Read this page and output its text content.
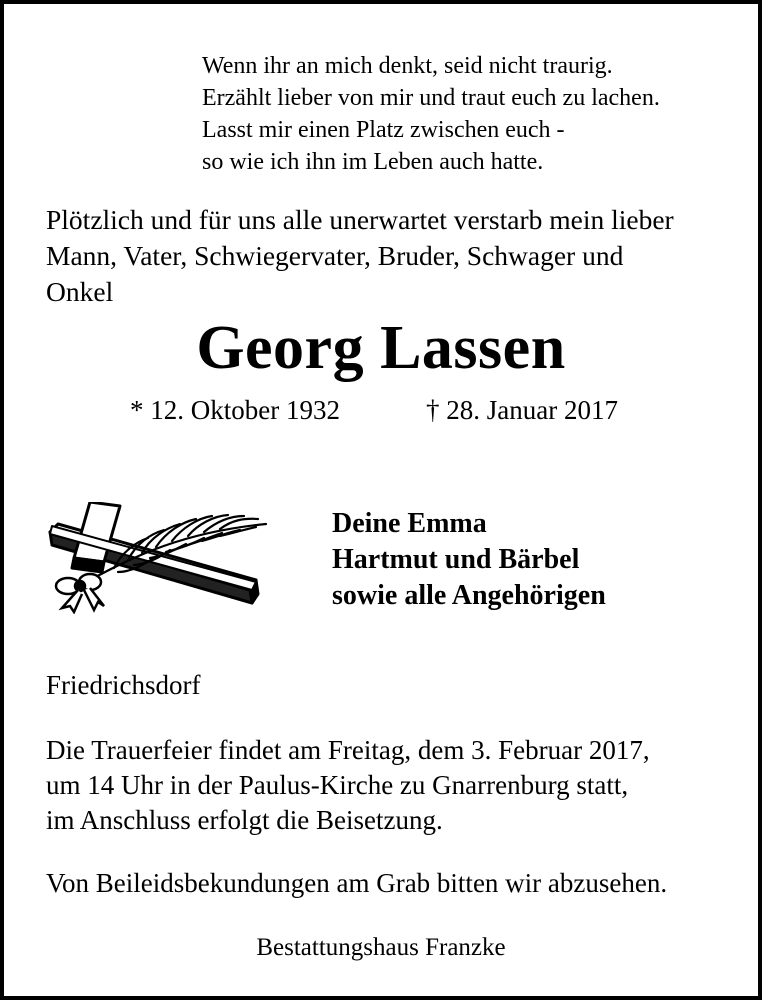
Wenn ihr an mich denkt, seid nicht traurig.
Erzählt lieber von mir und traut euch zu lachen.
Lasst mir einen Platz zwischen euch -
so wie ich ihn im Leben auch hatte.
Plötzlich und für uns alle unerwartet verstarb mein lieber
Mann, Vater, Schwiegervater, Bruder, Schwager und
Onkel
Georg Lassen
* 12. Oktober 1932	† 28. Januar 2017
Deine Emma
Hartmut und Bärbel
sowie alle Angehörigen
Friedrichsdorf
Die Trauerfeier findet am Freitag, dem 3. Februar 2017,
um 14 Uhr in der Paulus-Kirche zu Gnarrenburg statt,
im Anschluss erfolgt die Beisetzung.
Von Beileidsbekundungen am Grab bitten wir abzusehen.
Bestattungshaus Franzke
